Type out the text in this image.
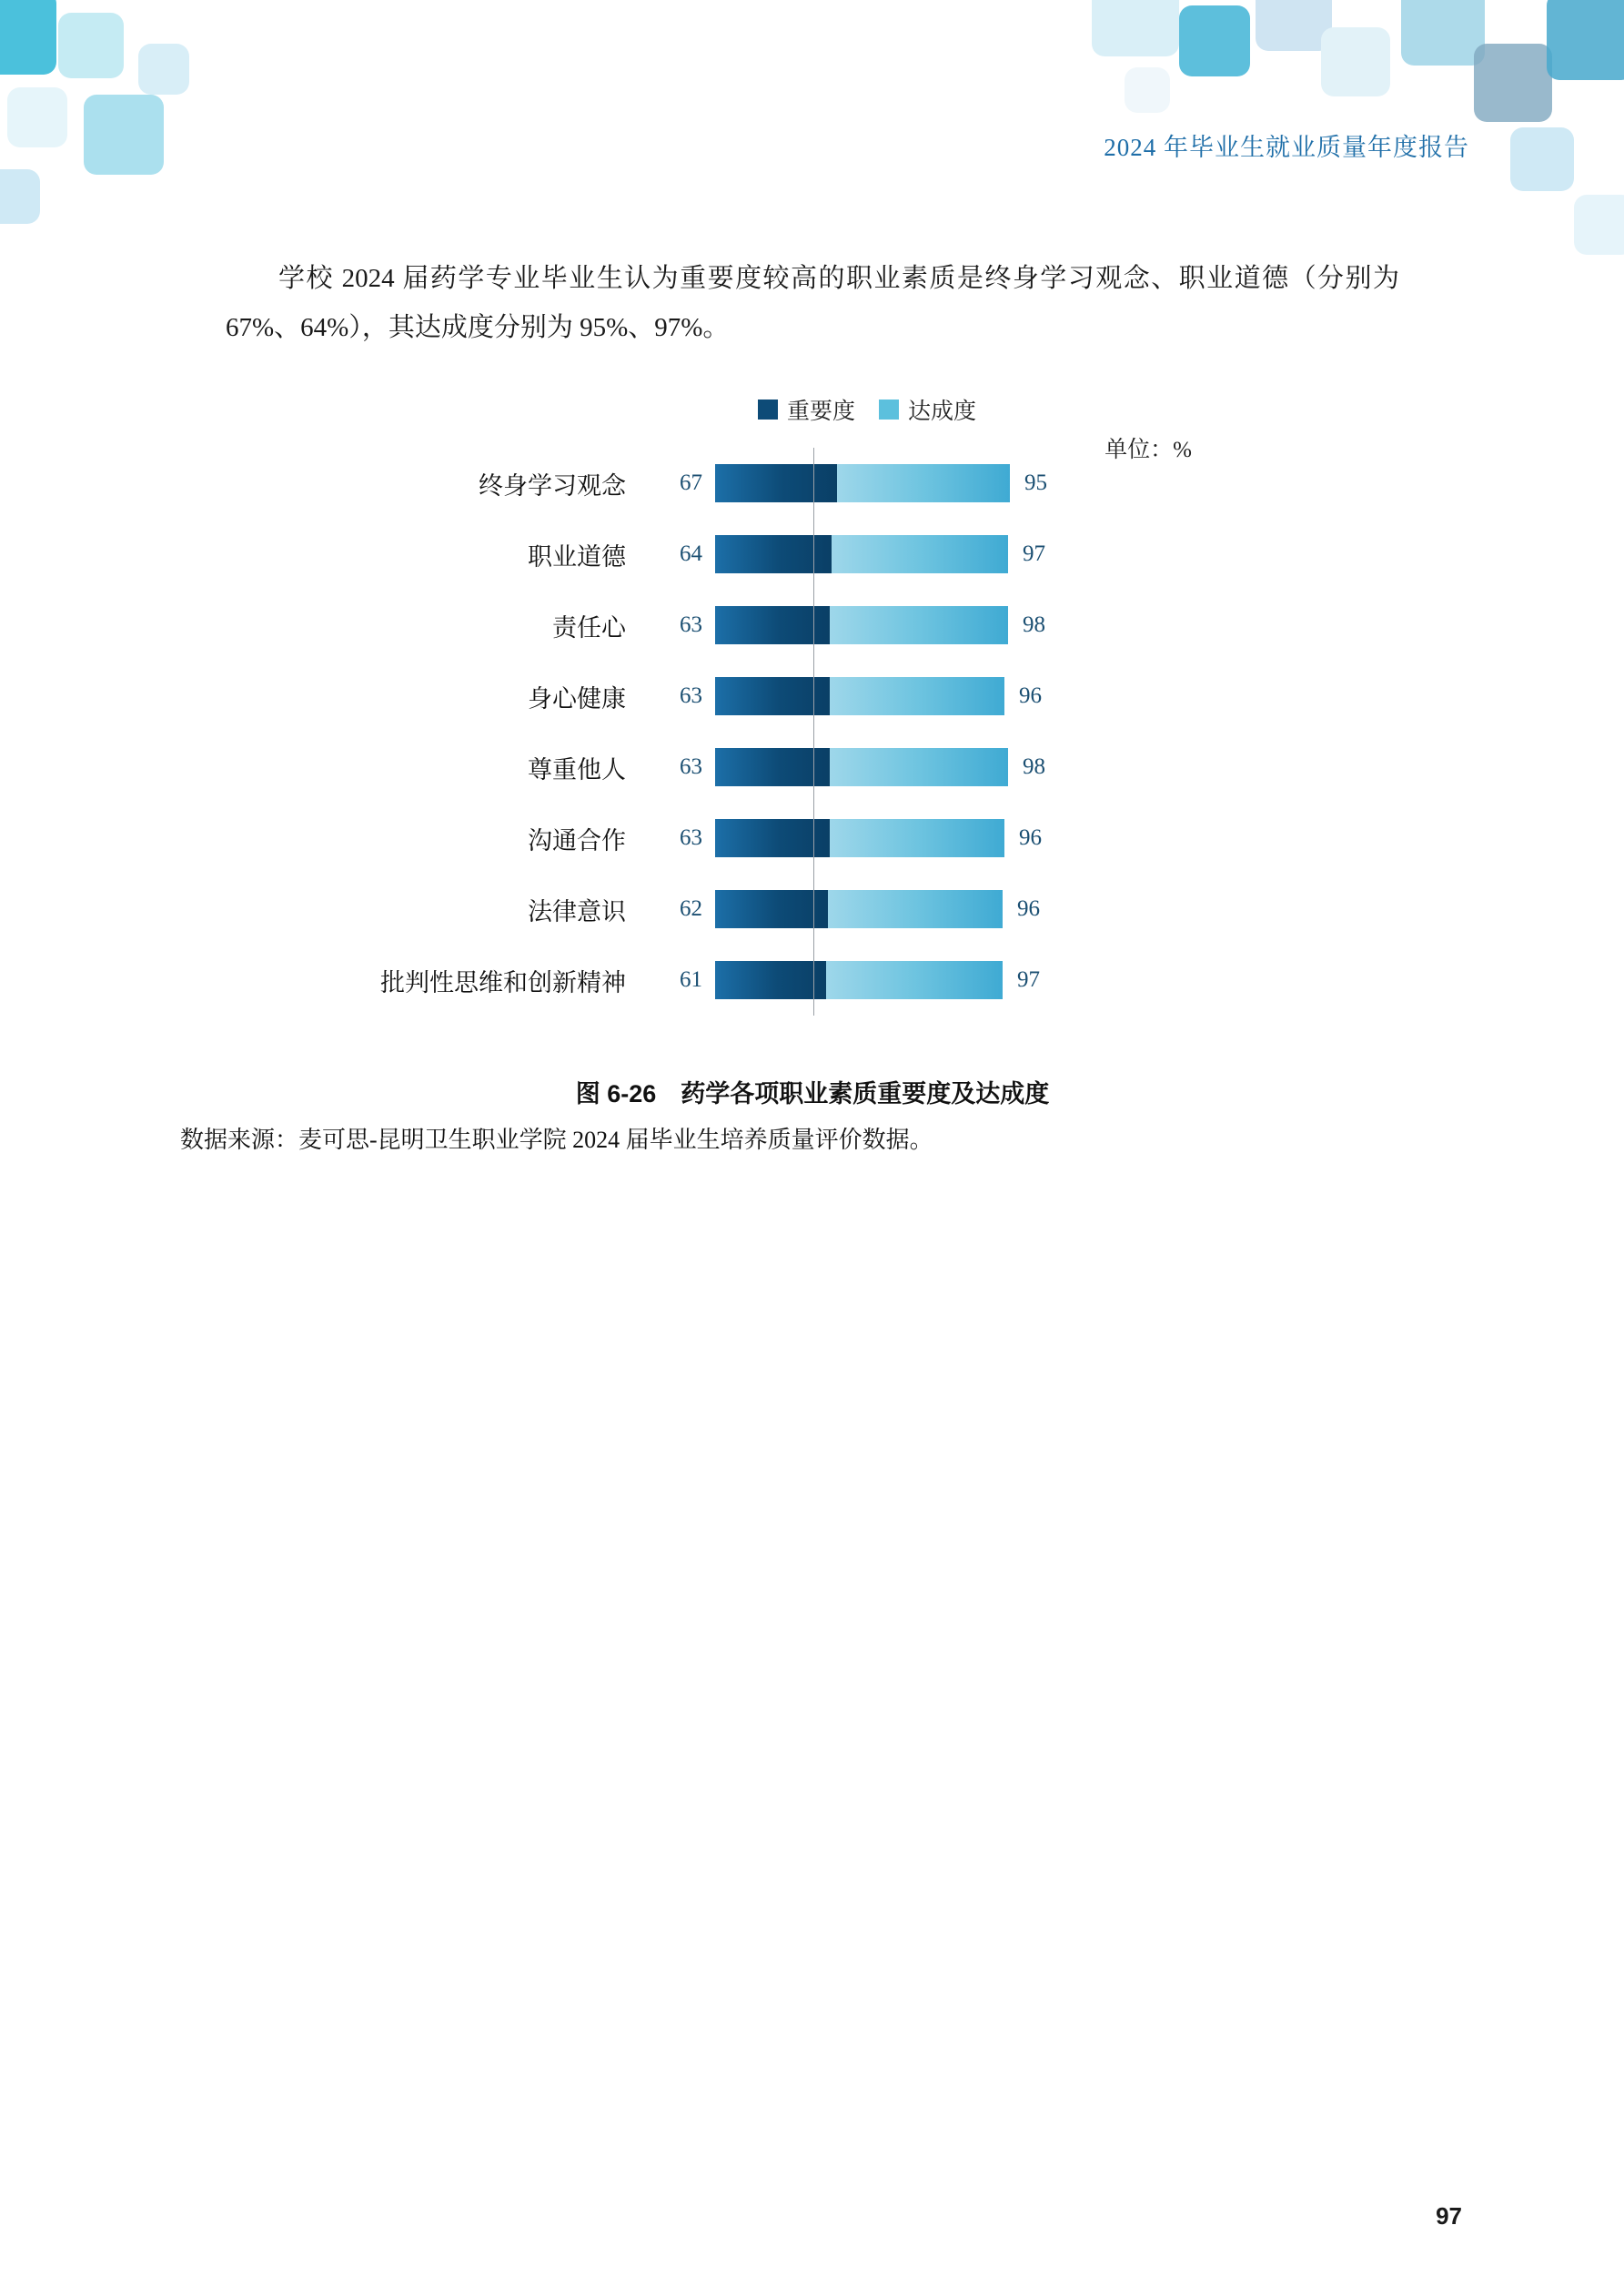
2024 年毕业生就业质量年度报告
学校 2024 届药学专业毕业生认为重要度较高的职业素质是终身学习观念、职业道德（分别为 67%、64%），其达成度分别为 95%、97%。
重要度 达成度
单位：%
终身学习观念	67	95
职业道德	64	97
责任心	63	98
身心健康	63	96
尊重他人	63	98
沟通合作	63	96
法律意识	62	96
批判性思维和创新精神	61	97
图 6-26　药学各项职业素质重要度及达成度
数据来源：麦可思-昆明卫生职业学院 2024 届毕业生培养质量评价数据。
97
